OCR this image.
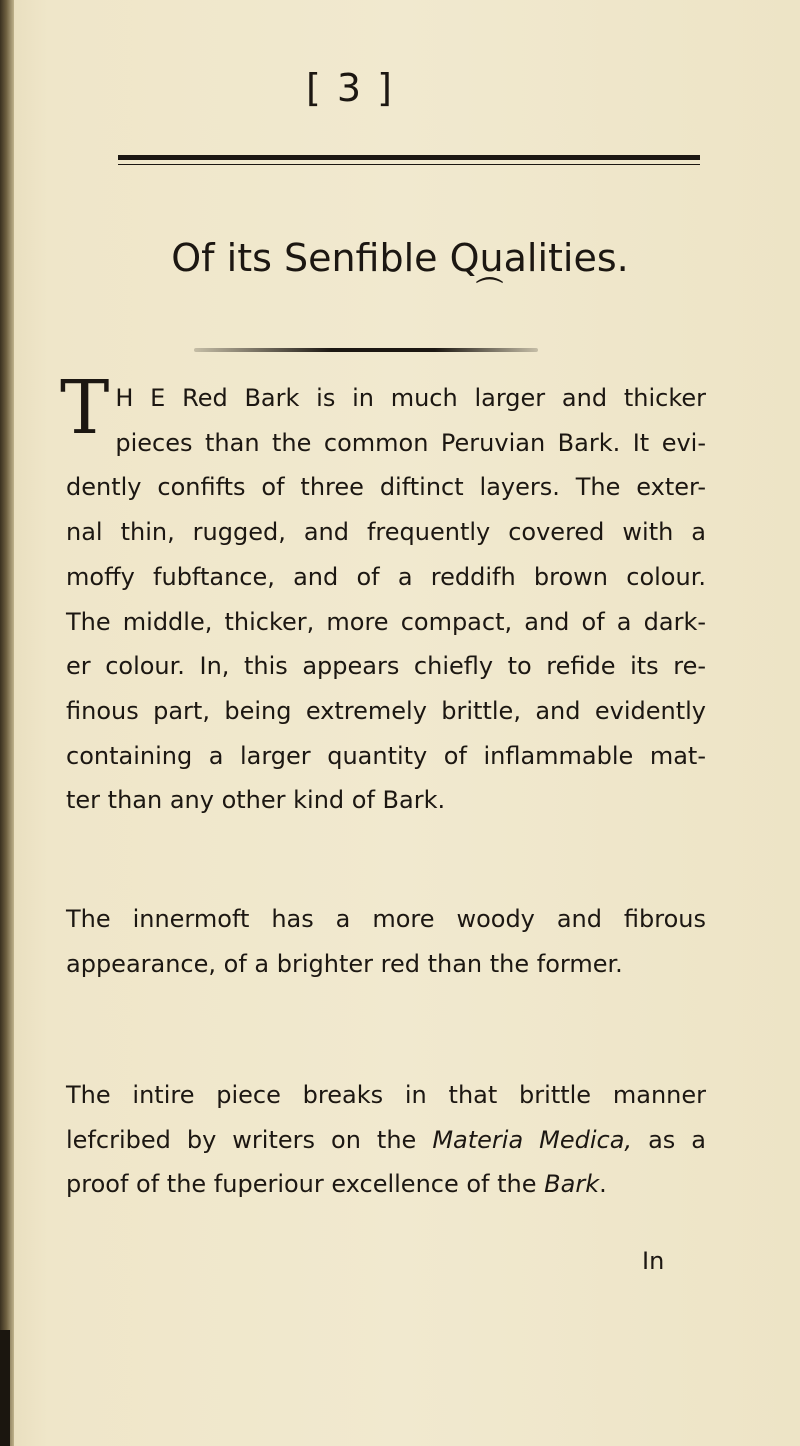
[ 3 ]
Of its Senfible Qualities.
⏜
T H E Red Bark is in much larger and thicker
pieces than the common Peruvian Bark. It evi-
dently confifts of three diftinct layers. The exter-
nal thin, rugged, and frequently covered with a
moffy fubftance, and of a reddifh brown colour.
The middle, thicker, more compact, and of a dark-
er colour. In, this appears chiefly to refide its re-
finous part, being extremely brittle, and evidently
containing a larger quantity of inflammable mat-
ter than any other kind of Bark.
The innermoft has a more woody and fibrous
appearance, of a brighter red than the former.
The intire piece breaks in that brittle manner
lefcribed by writers on the Materia Medica, as a
proof of the fuperiour excellence of the Bark.
In
